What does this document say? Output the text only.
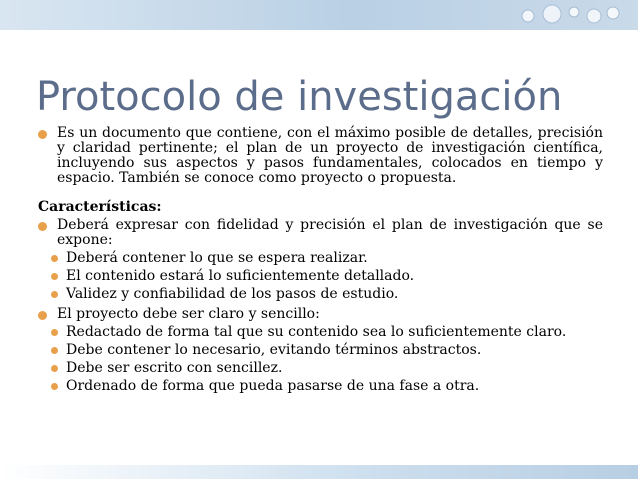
Protocolo de investigación

Es un documento que contiene, con el máximo posible de detalles, precisión y claridad pertinente; el plan de un proyecto de investigación científica, incluyendo sus aspectos y pasos fundamentales, colocados en tiempo y espacio. También se conoce como proyecto o propuesta.

Características:

Deberá expresar con fidelidad y precisión el plan de investigación que se expone:

Deberá contener lo que se espera realizar.

El contenido estará lo suficientemente detallado.

Validez y confiabilidad de los pasos de estudio.

El proyecto debe ser claro y sencillo:

Redactado de forma tal que su contenido sea lo suficientemente claro.

Debe contener lo necesario, evitando términos abstractos.

Debe ser escrito con sencillez.

Ordenado de forma que pueda pasarse de una fase a otra.
